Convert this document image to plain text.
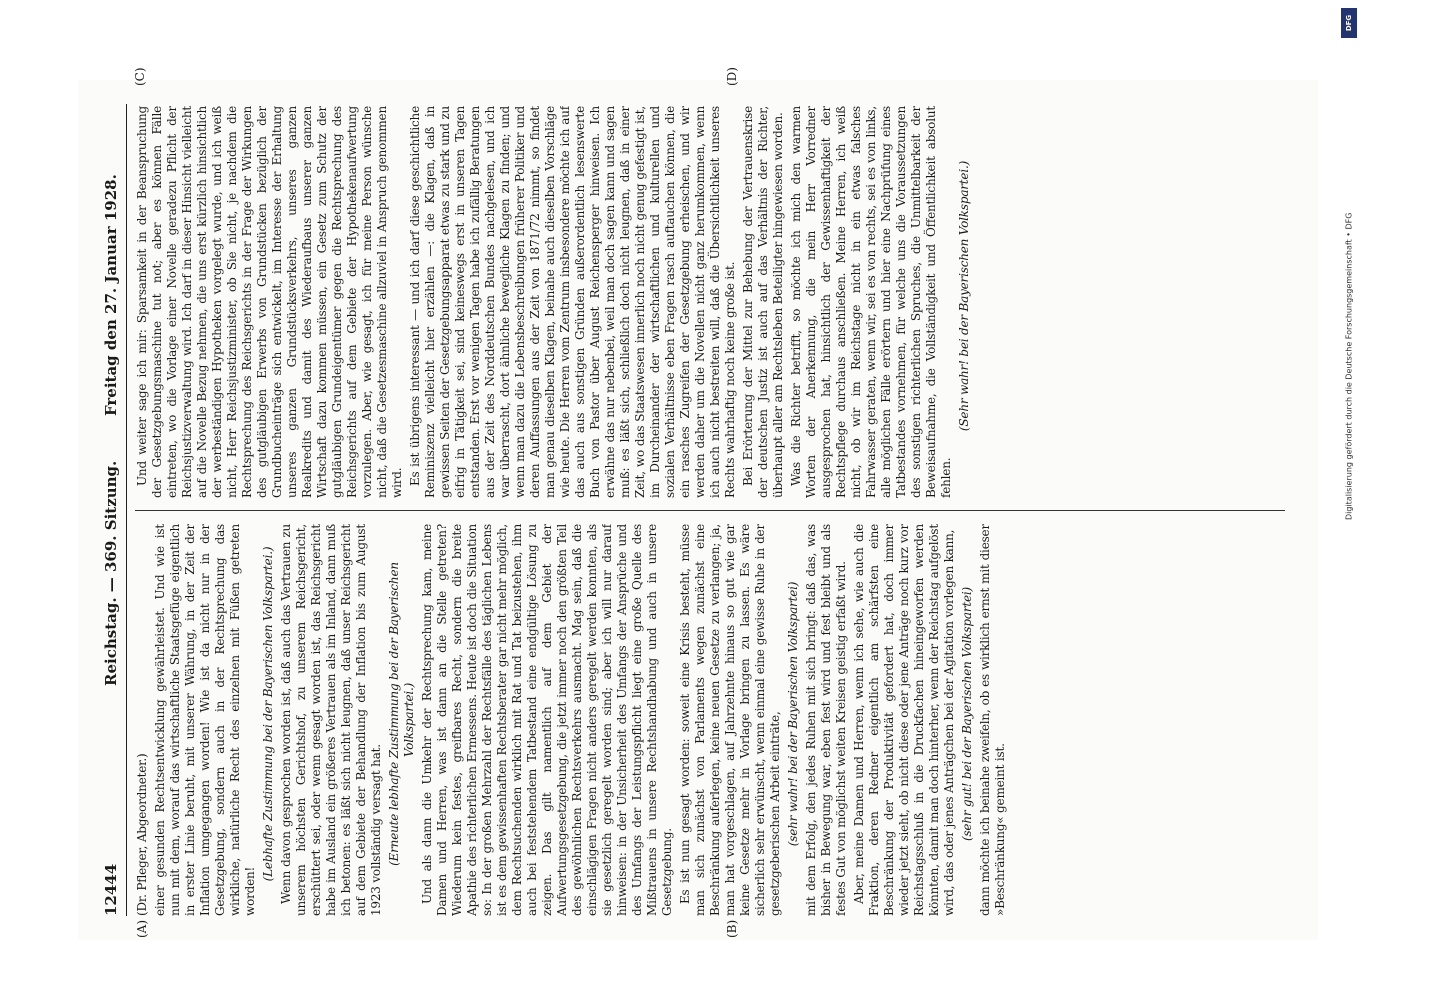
12444
Reichstag. — 369. Sitzung.
Freitag den 27. Januar 1928.
(A)	(B)
(C)	(D)

(Dr. Pfleger, Abgeordneter.) einer gesunden Rechtsentwicklung gewährleistet. Und wie ist nun mit dem, worauf das wirtschaftliche Staatsgefüge eigentlich in erster Linie beruht, mit unserer Währung, in der Zeit der Inflation umgegangen worden! Wie ist da nicht nur in der Gesetzgebung, sondern auch in der Rechtsprechung das wirkliche, natürliche Recht des einzelnen mit Füßen getreten worden!

(Lebhafte Zustimmung bei der Bayerischen Volkspartei.) Wenn davon gesprochen worden ist, daß auch das Vertrauen zu unserem höchsten Gerichtshof, zu unserem Reichsgericht, erschüttert sei, oder wenn gesagt worden ist, das Reichsgericht habe im Ausland ein größeres Vertrauen als im Inland, dann muß ich betonen: es läßt sich nicht leugnen, daß unser Reichsgericht auf dem Gebiete der Behandlung der Inflation bis zum August 1923 vollständig versagt hat. (Erneute lebhafte Zustimmung bei der Bayerischen Volkspartei.) Und als dann die Umkehr der Rechtsprechung kam, meine Damen und Herren, was ist dann an die Stelle getreten? Wiederum kein festes, greifbares Recht, sondern die breite Apathie des richterlichen Ermessens. Heute ist doch die Situation so: In der großen Mehrzahl der Rechtsfälle des täglichen Lebens ist es dem gewissenhaften Rechtsberater gar nicht mehr möglich, dem Rechtsuchenden wirklich mit Rat und Tat beizustehen, ihm auch bei feststehendem Tatbestand eine endgültige Lösung zu zeigen. Das gilt namentlich auf dem Gebiet der Aufwertungsgesetzgebung, die jetzt immer noch den größten Teil des gewöhnlichen Rechtsverkehrs ausmacht. Mag sein, daß die einschlägigen Fragen nicht anders geregelt werden konnten, als sie gesetzlich geregelt worden sind; aber ich will nur darauf hinweisen: in der Unsicherheit des Umfangs der Ansprüche und des Umfangs der Leistungspflicht liegt eine große Quelle des Mißtrauens in unsere Rechtshandhabung und auch in unsere Gesetzgebung. Es ist nun gesagt worden: soweit eine Krisis besteht, müsse man sich zunächst von Parlaments wegen zunächst eine Beschränkung auferlegen, keine neuen Gesetze zu verlangen; ja, man hat vorgeschlagen, auf Jahrzehnte hinaus so gut wie gar keine Gesetze mehr in Vorlage bringen zu lassen. Es wäre sicherlich sehr erwünscht, wenn einmal eine gewisse Ruhe in der gesetzgeberischen Arbeit einträte, (sehr wahr! bei der Bayerischen Volkspartei) mit dem Erfolg, den jedes Ruhen mit sich bringt: daß das, was bisher in Bewegung war, eben fest wird und fest bleibt und als festes Gut von möglichst weiten Kreisen geistig erfaßt wird. Aber, meine Damen und Herren, wenn ich sehe, wie auch die Fraktion, deren Redner eigentlich am schärfsten eine Beschränkung der Produktivität gefordert hat, doch immer wieder jetzt sieht, ob nicht diese oder jene Anträge noch kurz vor Reichstagsschluß in die Druckfachen hineingeworfen werden könnten, damit man doch hinterher, wenn der Reichstag aufgelöst wird, das oder jenes Anträgchen bei der Agitation vorlegen kann, (sehr gut! bei der Bayerischen Volkspartei) dann möchte ich beinahe zweifeln, ob es wirklich ernst mit dieser »Beschränkung« gemeint ist.

Und weiter sage ich mir: Sparsamkeit in der Beanspruchung der Gesetzgebungsmaschine tut not; aber es können Fälle eintreten, wo die Vorlage einer Novelle geradezu Pflicht der Reichsjustizverwaltung wird. Ich darf in dieser Hinsicht vielleicht auf die Novelle Bezug nehmen, die uns erst kürzlich hinsichtlich der werbeständigen Hypotheken vorgelegt wurde, und ich weiß nicht, Herr Reichsjustizminister, ob Sie nicht, je nachdem die Rechtsprechung des Reichsgerichts in der Frage der Wirkungen des gutgläubigen Erwerbs von Grundstücken bezüglich der Grundbucheinträge sich entwickelt, im Interesse der Erhaltung unseres ganzen Grundstücksverkehrs, unseres ganzen Realkredits und damit des Wiederaufbaus unserer ganzen Wirtschaft dazu kommen müssen, ein Gesetz zum Schutz der gutgläubigen Grundeigentümer gegen die Rechtsprechung des Reichsgerichts auf dem Gebiete der Hypothekenaufwertung vorzulegen. Aber, wie gesagt, ich für meine Person wünsche nicht, daß die Gesetzesmaschine allzuviel in Anspruch genommen wird. Es ist übrigens interessant — und ich darf diese geschichtliche Reminiszenz vielleicht hier erzählen —: die Klagen, daß in gewissen Seiten der Gesetzgebungsapparat etwas zu stark und zu eifrig in Tätigkeit sei, sind keineswegs erst in unseren Tagen entstanden. Erst vor wenigen Tagen habe ich zufällig Beratungen aus der Zeit des Norddeutschen Bundes nachgelesen, und ich war überrascht, dort ähnliche bewegliche Klagen zu finden; und wenn man dazu die Lebensbeschreibungen früherer Politiker und deren Auffassungen aus der Zeit von 1871/72 nimmt, so findet man genau dieselben Klagen, beinahe auch dieselben Vorschläge wie heute. Die Herren vom Zentrum insbesondere möchte ich auf das auch aus sonstigen Gründen außerordentlich lesenswerte Buch von Pastor über August Reichensperger hinweisen. Ich erwähne das nur nebenbei, weil man doch sagen kann und sagen muß: es läßt sich, schließlich doch nicht leugnen, daß in einer Zeit, wo das Staatswesen innerlich noch nicht genug gefestigt ist, im Durcheinander der wirtschaftlichen und kulturellen und sozialen Verhältnisse eben Fragen rasch auftauchen können, die ein rasches Zugreifen der Gesetzgebung erheischen, und wir werden daher um die Novellen nicht ganz herumkommen, wenn ich auch nicht bestreiten will, daß die Übersichtlichkeit unseres Rechts wahrhaftig noch keine große ist. Bei Erörterung der Mittel zur Behebung der Vertrauenskrise der deutschen Justiz ist auch auf das Verhältnis der Richter, überhaupt aller am Rechtsleben Beteiligter hingewiesen worden. Was die Richter betrifft, so möchte ich mich den warmen Worten der Anerkennung, die mein Herr Vorredner ausgesprochen hat, hinsichtlich der Gewissenhaftigkeit der Rechtspflege durchaus anschließen. Meine Herren, ich weiß nicht, ob wir im Reichstage nicht in ein etwas falsches Fahrwasser geraten, wenn wir, sei es von rechts, sei es von links, alle möglichen Fälle erörtern und hier eine Nachprüfung eines Tatbestandes vornehmen, für welche uns die Voraussetzungen des sonstigen richterlichen Spruches, die Unmittelbarkeit der Beweisaufnahme, die Vollständigkeit und Öffentlichkeit absolut fehlen.

(Sehr wahr! bei der Bayerischen Volkspartei.)

DFG
Digitalisierung gefördert durch die Deutsche Forschungsgemeinschaft • DFG
